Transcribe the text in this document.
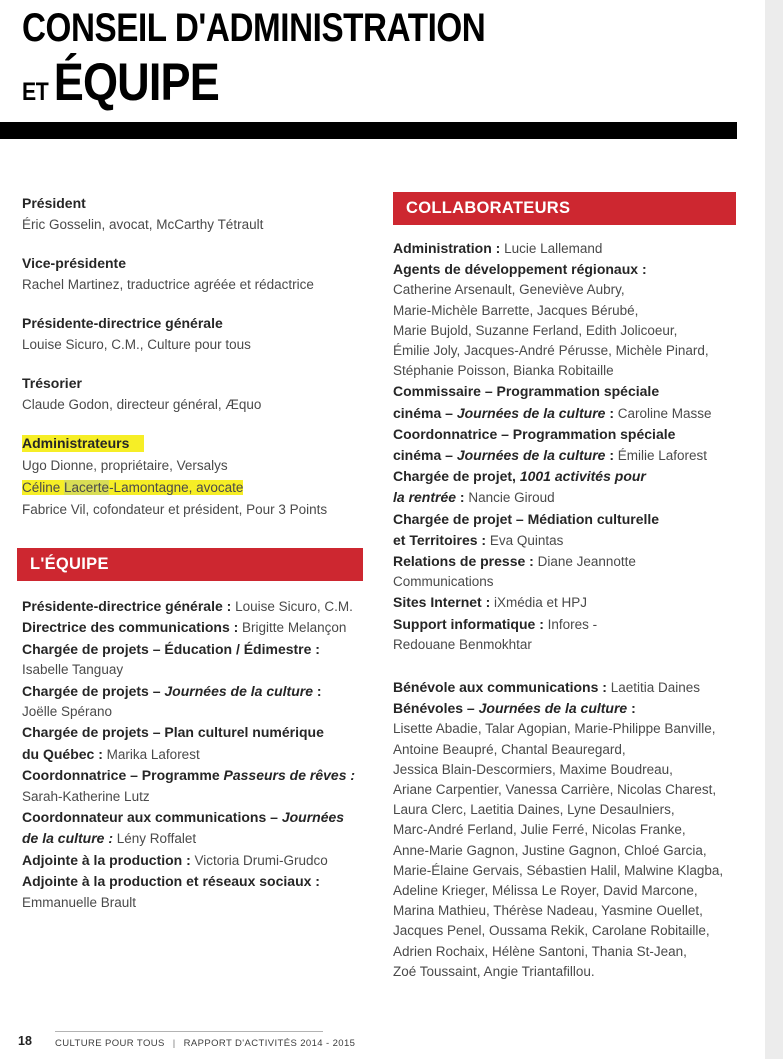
CONSEIL D'ADMINISTRATION
ET ÉQUIPE
Président
Éric Gosselin, avocat, McCarthy Tétrault
Vice-présidente
Rachel Martinez, traductrice agréée et rédactrice
Présidente-directrice générale
Louise Sicuro, C.M., Culture pour tous
Trésorier
Claude Godon, directeur général, Æquo
Administrateurs
Ugo Dionne, propriétaire, Versalys
Céline Lacerte-Lamontagne, avocate
Fabrice Vil, cofondateur et président, Pour 3 Points
COLLABORATEURS
Administration : Lucie Lallemand
Agents de développement régionaux :
Catherine Arsenault, Geneviève Aubry,
Marie-Michèle Barrette, Jacques Bérubé,
Marie Bujold, Suzanne Ferland, Edith Jolicoeur,
Émilie Joly, Jacques-André Pérusse, Michèle Pinard,
Stéphanie Poisson, Bianka Robitaille
Commissaire – Programmation spéciale
cinéma – Journées de la culture : Caroline Masse
Coordonnatrice – Programmation spéciale
cinéma – Journées de la culture : Émilie Laforest
Chargée de projet, 1001 activités pour
la rentrée : Nancie Giroud
Chargée de projet – Médiation culturelle
et Territoires : Eva Quintas
Relations de presse : Diane Jeannotte
Communications
Sites Internet : iXmédia et HPJ
Support informatique : Infores -
Redouane Benmokhtar
Bénévole aux communications : Laetitia Daines
Bénévoles – Journées de la culture :
Lisette Abadie, Talar Agopian, Marie-Philippe Banville,
Antoine Beaupré, Chantal Beauregard,
Jessica Blain-Descormiers, Maxime Boudreau,
Ariane Carpentier, Vanessa Carrière, Nicolas Charest,
Laura Clerc, Laetitia Daines, Lyne Desaulniers,
Marc-André Ferland, Julie Ferré, Nicolas Franke,
Anne-Marie Gagnon, Justine Gagnon, Chloé Garcia,
Marie-Élaine Gervais, Sébastien Halil, Malwine Klagba,
Adeline Krieger, Mélissa Le Royer, David Marcone,
Marina Mathieu, Thérèse Nadeau, Yasmine Ouellet,
Jacques Penel, Oussama Rekik, Carolane Robitaille,
Adrien Rochaix, Hélène Santoni, Thania St-Jean,
Zoé Toussaint, Angie Triantafillou.
L'ÉQUIPE
Présidente-directrice générale : Louise Sicuro, C.M.
Directrice des communications : Brigitte Melançon
Chargée de projets – Éducation / Édimestre :
Isabelle Tanguay
Chargée de projets – Journées de la culture :
Joëlle Spérano
Chargée de projets – Plan culturel numérique
du Québec : Marika Laforest
Coordonnatrice – Programme Passeurs de rêves :
Sarah-Katherine Lutz
Coordonnateur aux communications – Journées
de la culture : Lény Roffalet
Adjointe à la production : Victoria Drumi-Grudco
Adjointe à la production et réseaux sociaux :
Emmanuelle Brault
18 CULTURE POUR TOUS | RAPPORT D'ACTIVITÉS 2014 - 2015
